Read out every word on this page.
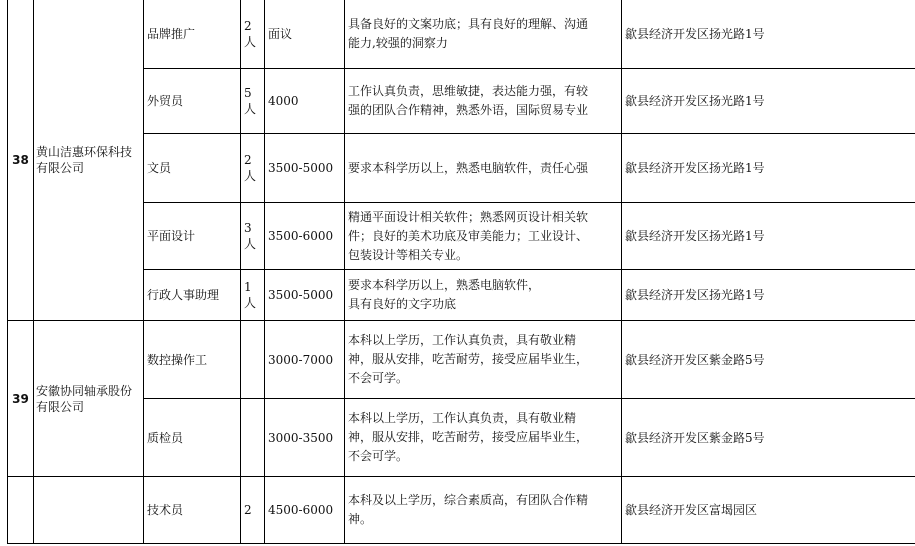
38	黄山洁惠环保科技有限公司	品牌推广	2人	面议	具备良好的文案功底；具有良好的理解、沟通
能力,较强的洞察力	歙县经济开发区扬光路1号
		外贸员	5人	4000	工作认真负责，思维敏捷，表达能力强，有较
强的团队合作精神，熟悉外语，国际贸易专业	歙县经济开发区扬光路1号
		文员	2人	3500-5000	要求本科学历以上，熟悉电脑软件，责任心强	歙县经济开发区扬光路1号
		平面设计	3人	3500-6000	精通平面设计相关软件；熟悉网页设计相关软
件；良好的美术功底及审美能力；工业设计、
包装设计等相关专业。	歙县经济开发区扬光路1号
		行政人事助理	1人	3500-5000	要求本科学历以上，熟悉电脑软件，
具有良好的文字功底	歙县经济开发区扬光路1号
39	安徽协同轴承股份有限公司	数控操作工		3000-7000	本科以上学历，工作认真负责，具有敬业精
神，服从安排，吃苦耐劳，接受应届毕业生，
不会可学。	歙县经济开发区紫金路5号
		质检员		3000-3500	本科以上学历，工作认真负责，具有敬业精
神，服从安排，吃苦耐劳，接受应届毕业生，
不会可学。	歙县经济开发区紫金路5号
		技术员	2	4500-6000	本科及以上学历，综合素质高，有团队合作精
神。	歙县经济开发区富堨园区
